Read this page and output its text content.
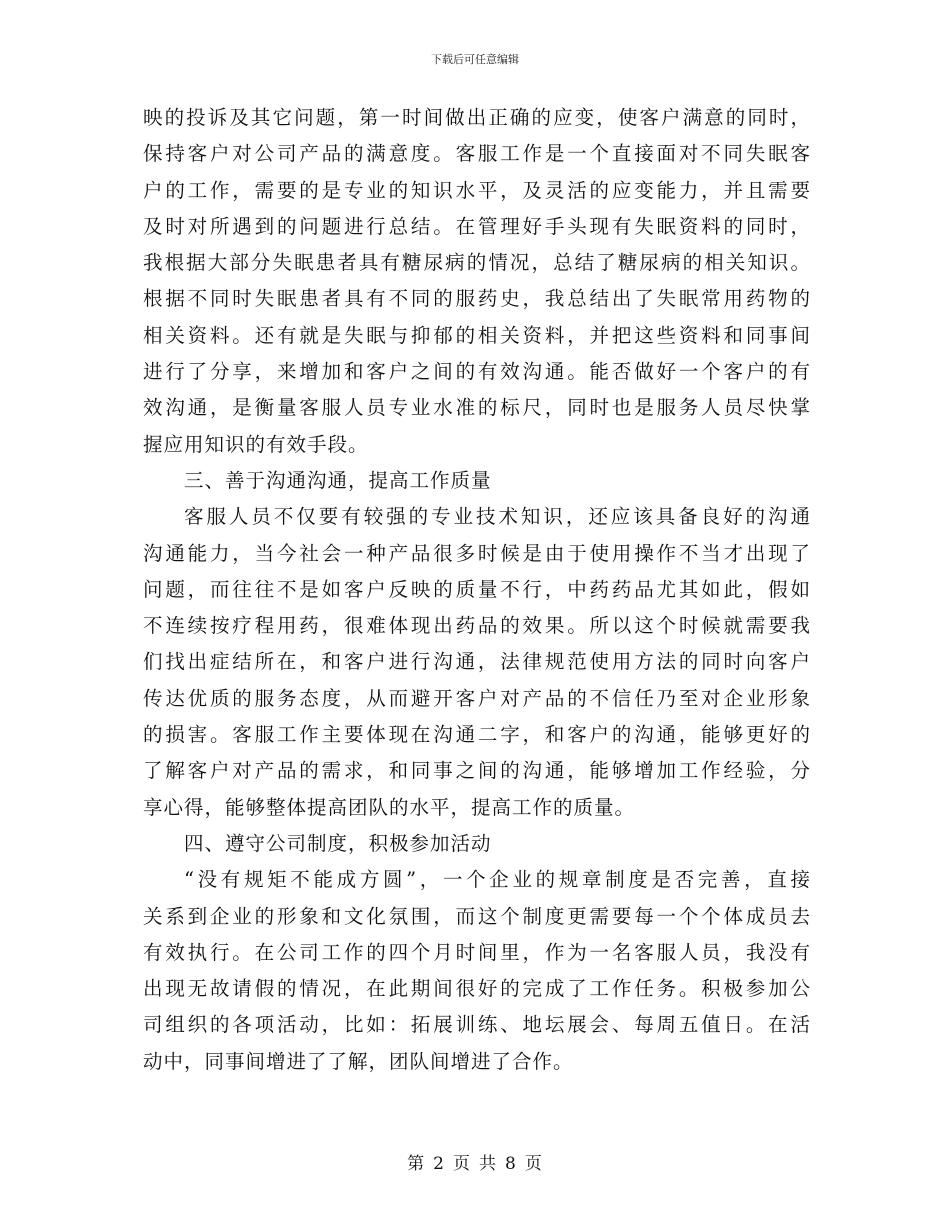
下载后可任意编辑
映的投诉及其它问题，第一时间做出正确的应变，使客户满意的同时，
保持客户对公司产品的满意度。客服工作是一个直接面对不同失眠客
户的工作，需要的是专业的知识水平，及灵活的应变能力，并且需要
及时对所遇到的问题进行总结。在管理好手头现有失眠资料的同时，
我根据大部分失眠患者具有糖尿病的情况，总结了糖尿病的相关知识。
根据不同时失眠患者具有不同的服药史，我总结出了失眠常用药物的
相关资料。还有就是失眠与抑郁的相关资料，并把这些资料和同事间
进行了分享，来增加和客户之间的有效沟通。能否做好一个客户的有
效沟通，是衡量客服人员专业水准的标尺，同时也是服务人员尽快掌
握应用知识的有效手段。
三、善于沟通沟通，提高工作质量
客服人员不仅要有较强的专业技术知识，还应该具备良好的沟通
沟通能力，当今社会一种产品很多时候是由于使用操作不当才出现了
问题，而往往不是如客户反映的质量不行，中药药品尤其如此，假如
不连续按疗程用药，很难体现出药品的效果。所以这个时候就需要我
们找出症结所在，和客户进行沟通，法律规范使用方法的同时向客户
传达优质的服务态度，从而避开客户对产品的不信任乃至对企业形象
的损害。客服工作主要体现在沟通二字，和客户的沟通，能够更好的
了解客户对产品的需求，和同事之间的沟通，能够增加工作经验，分
享心得，能够整体提高团队的水平，提高工作的质量。
四、遵守公司制度，积极参加活动
“没有规矩不能成方圆”，一个企业的规章制度是否完善，直接
关系到企业的形象和文化氛围，而这个制度更需要每一个个体成员去
有效执行。在公司工作的四个月时间里，作为一名客服人员，我没有
出现无故请假的情况，在此期间很好的完成了工作任务。积极参加公
司组织的各项活动，比如：拓展训练、地坛展会、每周五值日。在活
动中，同事间增进了了解，团队间增进了合作。
第 2 页 共 8 页
